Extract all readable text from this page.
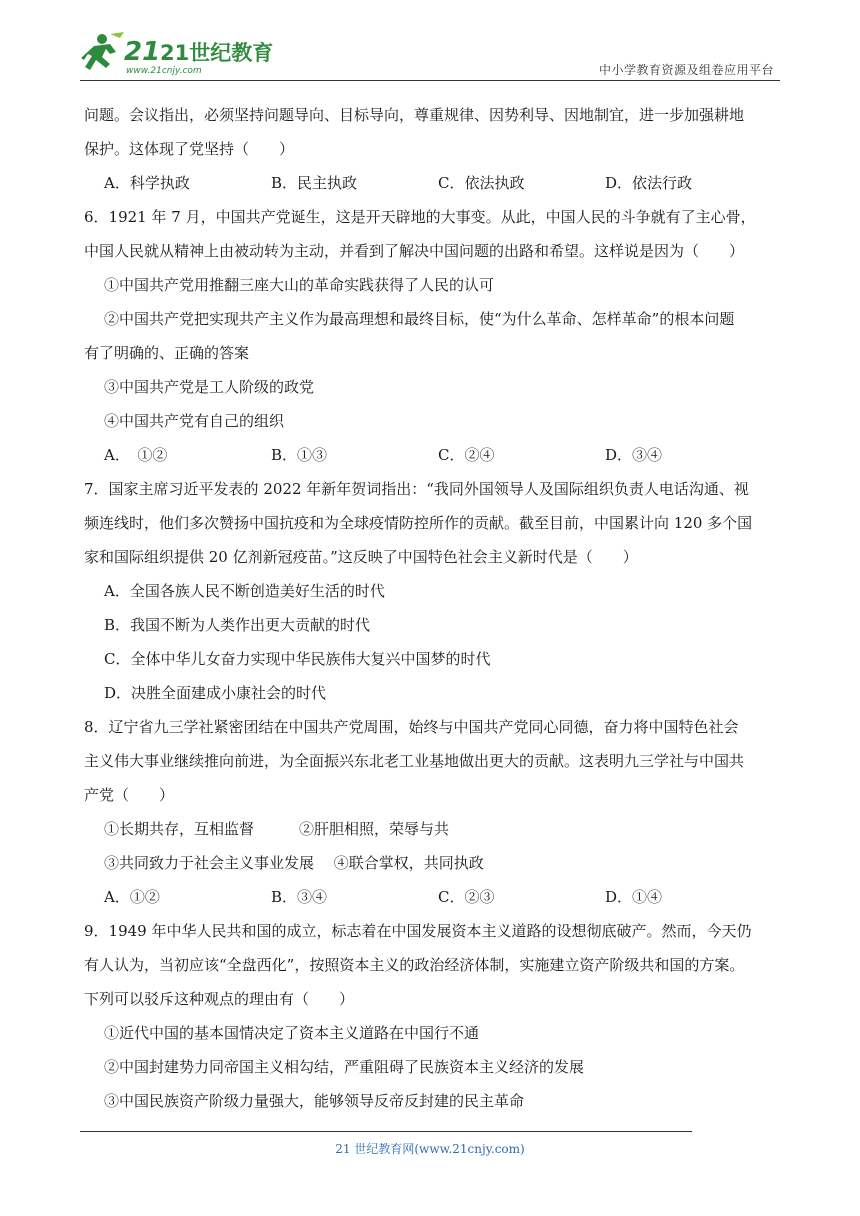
21 21世纪教育
www.21cnjy.com	中小学教育资源及组卷应用平台
问题。会议指出，必须坚持问题导向、目标导向，尊重规律、因势利导、因地制宜，进一步加强耕地
保护。这体现了党坚持（　　）
A．科学执政	B．民主执政	C．依法执政	D．依法行政
6．1921 年 7 月，中国共产党诞生，这是开天辟地的大事变。从此，中国人民的斗争就有了主心骨，
中国人民就从精神上由被动转为主动，并看到了解决中国问题的出路和希望。这样说是因为（　　）
①中国共产党用推翻三座大山的革命实践获得了人民的认可
②中国共产党把实现共产主义作为最高理想和最终目标，使“为什么革命、怎样革命”的根本问题
有了明确的、正确的答案
③中国共产党是工人阶级的政党
④中国共产党有自己的组织
A．　①②	B．①③	C．②④	D．③④
7．国家主席习近平发表的 2022 年新年贺词指出：“我同外国领导人及国际组织负责人电话沟通、视
频连线时，他们多次赞扬中国抗疫和为全球疫情防控所作的贡献。截至目前，中国累计向 120 多个国
家和国际组织提供 20 亿剂新冠疫苗。”这反映了中国特色社会主义新时代是（　　）
A．全国各族人民不断创造美好生活的时代
B．我国不断为人类作出更大贡献的时代
C．全体中华儿女奋力实现中华民族伟大复兴中国梦的时代
D．决胜全面建成小康社会的时代
8．辽宁省九三学社紧密团结在中国共产党周围，始终与中国共产党同心同德，奋力将中国特色社会
主义伟大事业继续推向前进，为全面振兴东北老工业基地做出更大的贡献。这表明九三学社与中国共
产党（　　）
①长期共存，互相监督　　　②肝胆相照，荣辱与共
③共同致力于社会主义事业发展　 ④联合掌权，共同执政
A．①②	B．③④	C．②③	D．①④
9．1949 年中华人民共和国的成立，标志着在中国发展资本主义道路的设想彻底破产。然而，今天仍
有人认为，当初应该“全盘西化”，按照资本主义的政治经济体制，实施建立资产阶级共和国的方案。
下列可以驳斥这种观点的理由有（　　）
①近代中国的基本国情决定了资本主义道路在中国行不通
②中国封建势力同帝国主义相勾结，严重阻碍了民族资本主义经济的发展
③中国民族资产阶级力量强大，能够领导反帝反封建的民主革命
21 世纪教育网(www.21cnjy.com)
